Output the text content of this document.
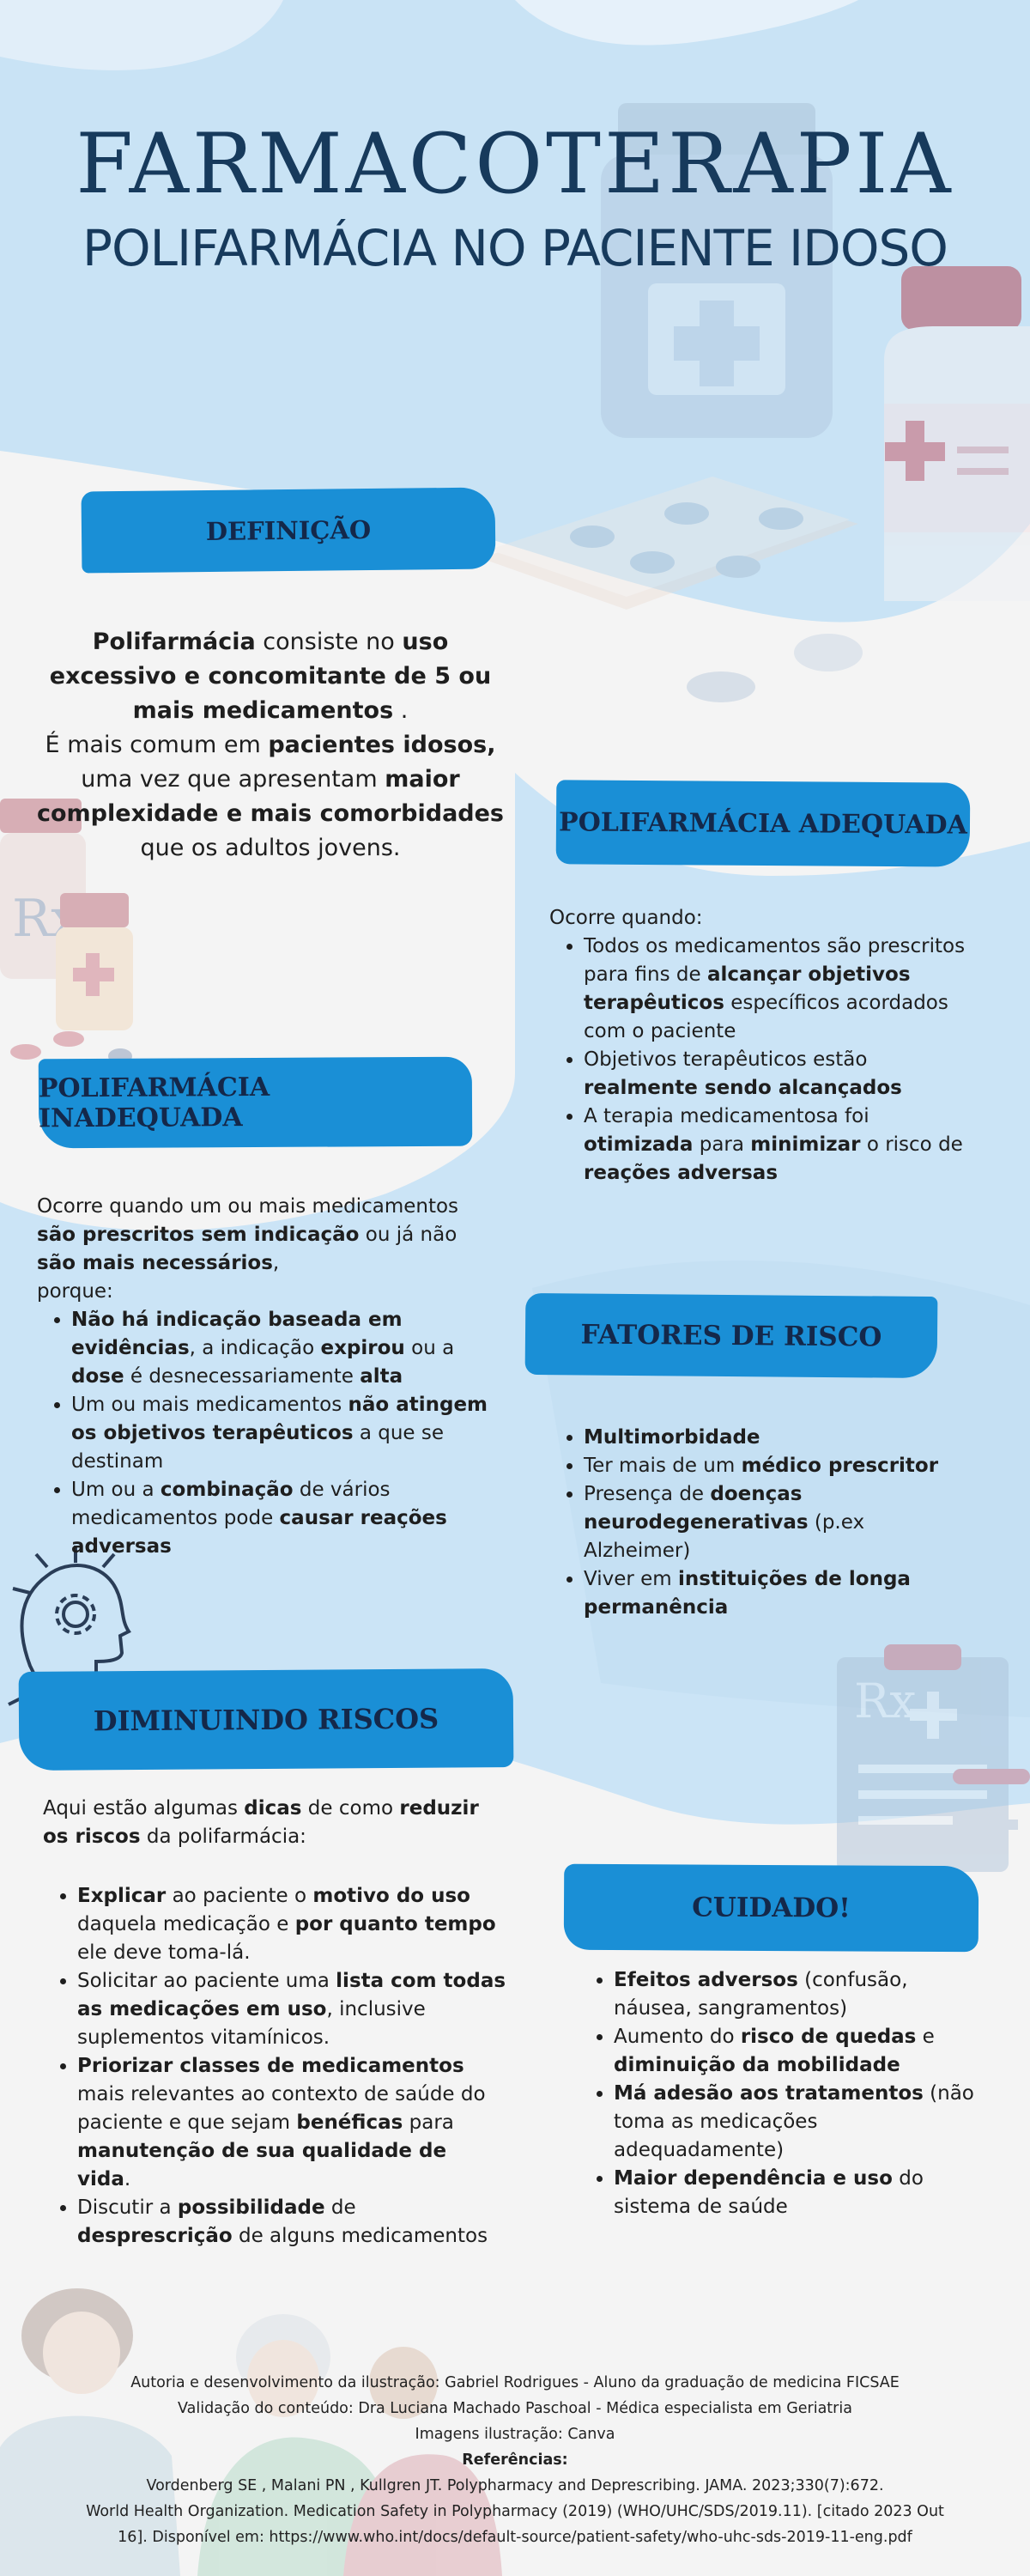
Rx
Rx
FARMACOTERAPIA
POLIFARMÁCIA NO PACIENTE IDOSO
DEFINIÇÃO
Polifarmácia consiste no uso
excessivo e concomitante de 5 ou
mais medicamentos .
É mais comum em pacientes idosos,
uma vez que apresentam maior
complexidade e mais comorbidades
que os adultos jovens.
POLIFARMÁCIA ADEQUADA
Ocorre quando:
• Todos os medicamentos são prescritos para fins de alcançar objetivos terapêuticos específicos acordados com o paciente
• Objetivos terapêuticos estão realmente sendo alcançados
• A terapia medicamentosa foi otimizada para minimizar o risco de reações adversas
POLIFARMÁCIA INADEQUADA
Ocorre quando um ou mais medicamentos são prescritos sem indicação ou já não são mais necessários,
porque:
• Não há indicação baseada em evidências, a indicação expirou ou a dose é desnecessariamente alta
• Um ou mais medicamentos não atingem os objetivos terapêuticos a que se destinam
• Um ou a combinação de vários medicamentos pode causar reações adversas
FATORES DE RISCO
• Multimorbidade
• Ter mais de um médico prescritor
• Presença de doenças neurodegenerativas (p.ex Alzheimer)
• Viver em instituições de longa permanência
DIMINUINDO RISCOS
Aqui estão algumas dicas de como reduzir os riscos da polifarmácia:
• Explicar ao paciente o motivo do uso daquela medicação e por quanto tempo ele deve toma-lá.
• Solicitar ao paciente uma lista com todas as medicações em uso, inclusive suplementos vitamínicos.
• Priorizar classes de medicamentos mais relevantes ao contexto de saúde do paciente e que sejam benéficas para manutenção de sua qualidade de vida.
• Discutir a possibilidade de desprescrição de alguns medicamentos
CUIDADO!
• Efeitos adversos (confusão, náusea, sangramentos)
• Aumento do risco de quedas e diminuição da mobilidade
• Má adesão aos tratamentos (não toma as medicações adequadamente)
• Maior dependência e uso do sistema de saúde
Autoria e desenvolvimento da ilustração: Gabriel Rodrigues - Aluno da graduação de medicina FICSAE
Validação do conteúdo: Dra Luciana Machado Paschoal - Médica especialista em Geriatria
Imagens ilustração: Canva
Referências:
Vordenberg SE , Malani PN , Kullgren JT. Polypharmacy and Deprescribing. JAMA. 2023;330(7):672.
World Health Organization. Medication Safety in Polypharmacy (2019) (WHO/UHC/SDS/2019.11). [citado 2023 Out
16]. Disponível em: https://www.who.int/docs/default-source/patient-safety/who-uhc-sds-2019-11-eng.pdf
